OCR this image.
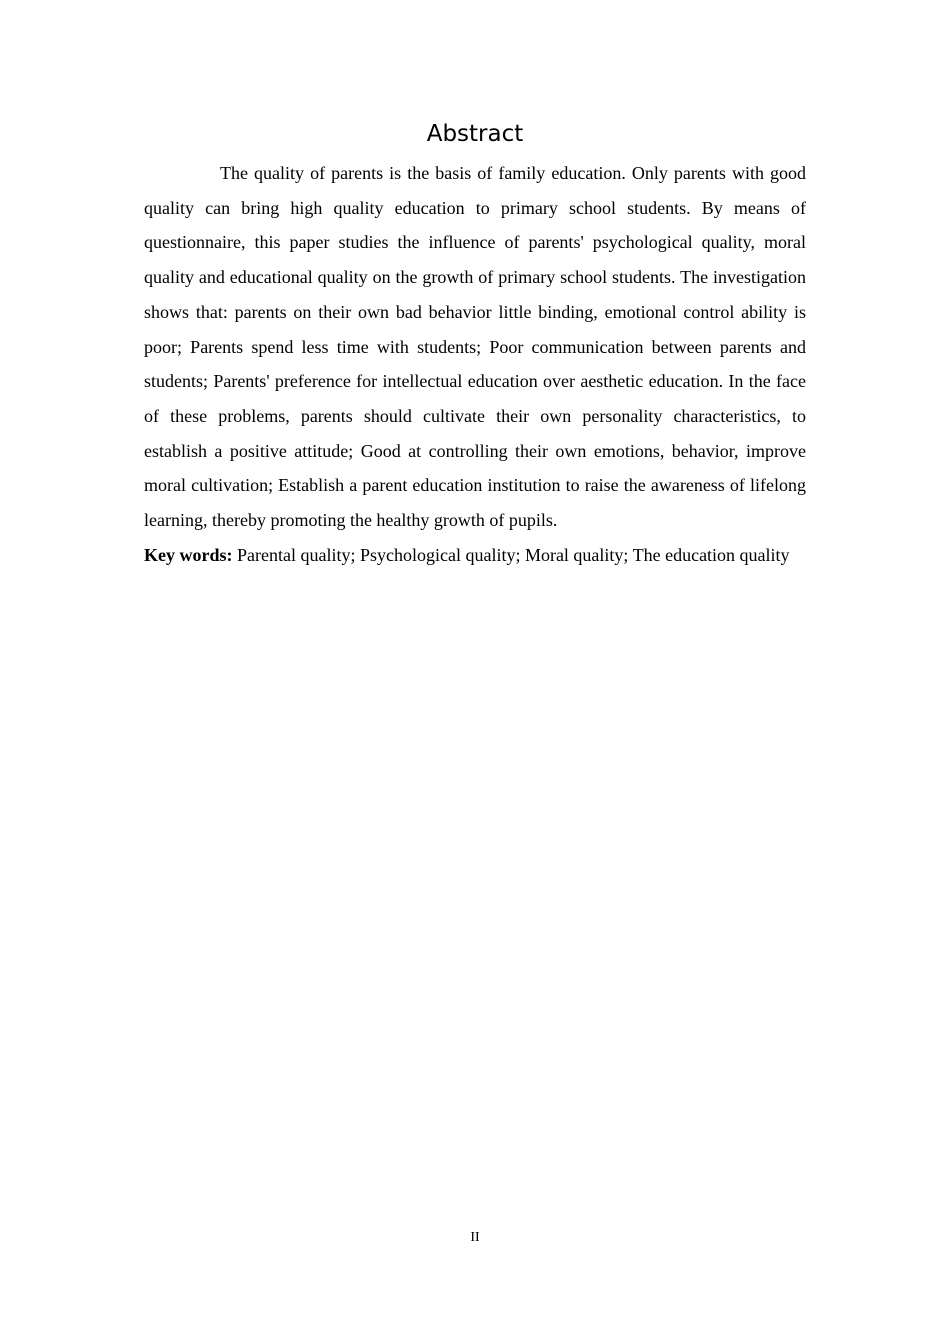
Abstract

The quality of parents is the basis of family education. Only parents with good quality can bring high quality education to primary school students. By means of questionnaire, this paper studies the influence of parents' psychological quality, moral quality and educational quality on the growth of primary school students. The investigation shows that: parents on their own bad behavior little binding, emotional control ability is poor; Parents spend less time with students; Poor communication between parents and students; Parents' preference for intellectual education over aesthetic education. In the face of these problems, parents should cultivate their own personality characteristics, to establish a positive attitude; Good at controlling their own emotions, behavior, improve moral cultivation; Establish a parent education institution to raise the awareness of lifelong learning, thereby promoting the healthy growth of pupils.

Key words: Parental quality; Psychological quality; Moral quality; The education quality

II
